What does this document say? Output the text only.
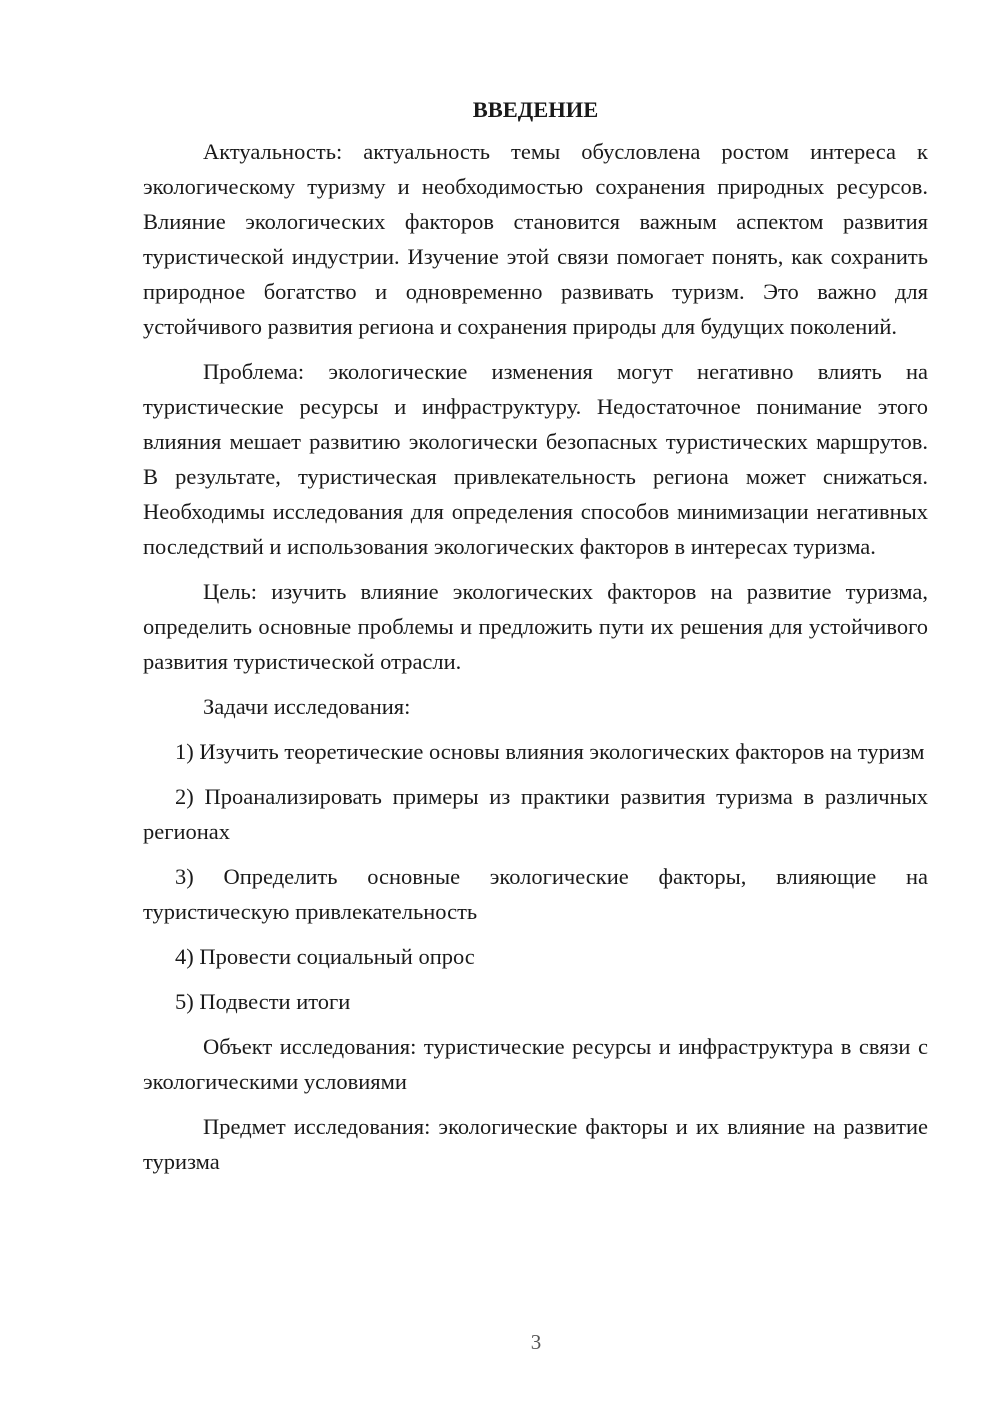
ВВЕДЕНИЕ

Актуальность: актуальность темы обусловлена ростом интереса к экологическому туризму и необходимостью сохранения природных ресурсов. Влияние экологических факторов становится важным аспектом развития туристической индустрии. Изучение этой связи помогает понять, как сохранить природное богатство и одновременно развивать туризм. Это важно для устойчивого развития региона и сохранения природы для будущих поколений.

Проблема: экологические изменения могут негативно влиять на туристические ресурсы и инфраструктуру. Недостаточное понимание этого влияния мешает развитию экологически безопасных туристических маршрутов. В результате, туристическая привлекательность региона может снижаться. Необходимы исследования для определения способов минимизации негативных последствий и использования экологических факторов в интересах туризма.

Цель: изучить влияние экологических факторов на развитие туризма, определить основные проблемы и предложить пути их решения для устойчивого развития туристической отрасли.

Задачи исследования:

1) Изучить теоретические основы влияния экологических факторов на туризм

2) Проанализировать примеры из практики развития туризма в различных регионах

3) Определить основные экологические факторы, влияющие на туристическую привлекательность

4) Провести социальный опрос

5) Подвести итоги

Объект исследования: туристические ресурсы и инфраструктура в связи с экологическими условиями

Предмет исследования: экологические факторы и их влияние на развитие туризма

3
